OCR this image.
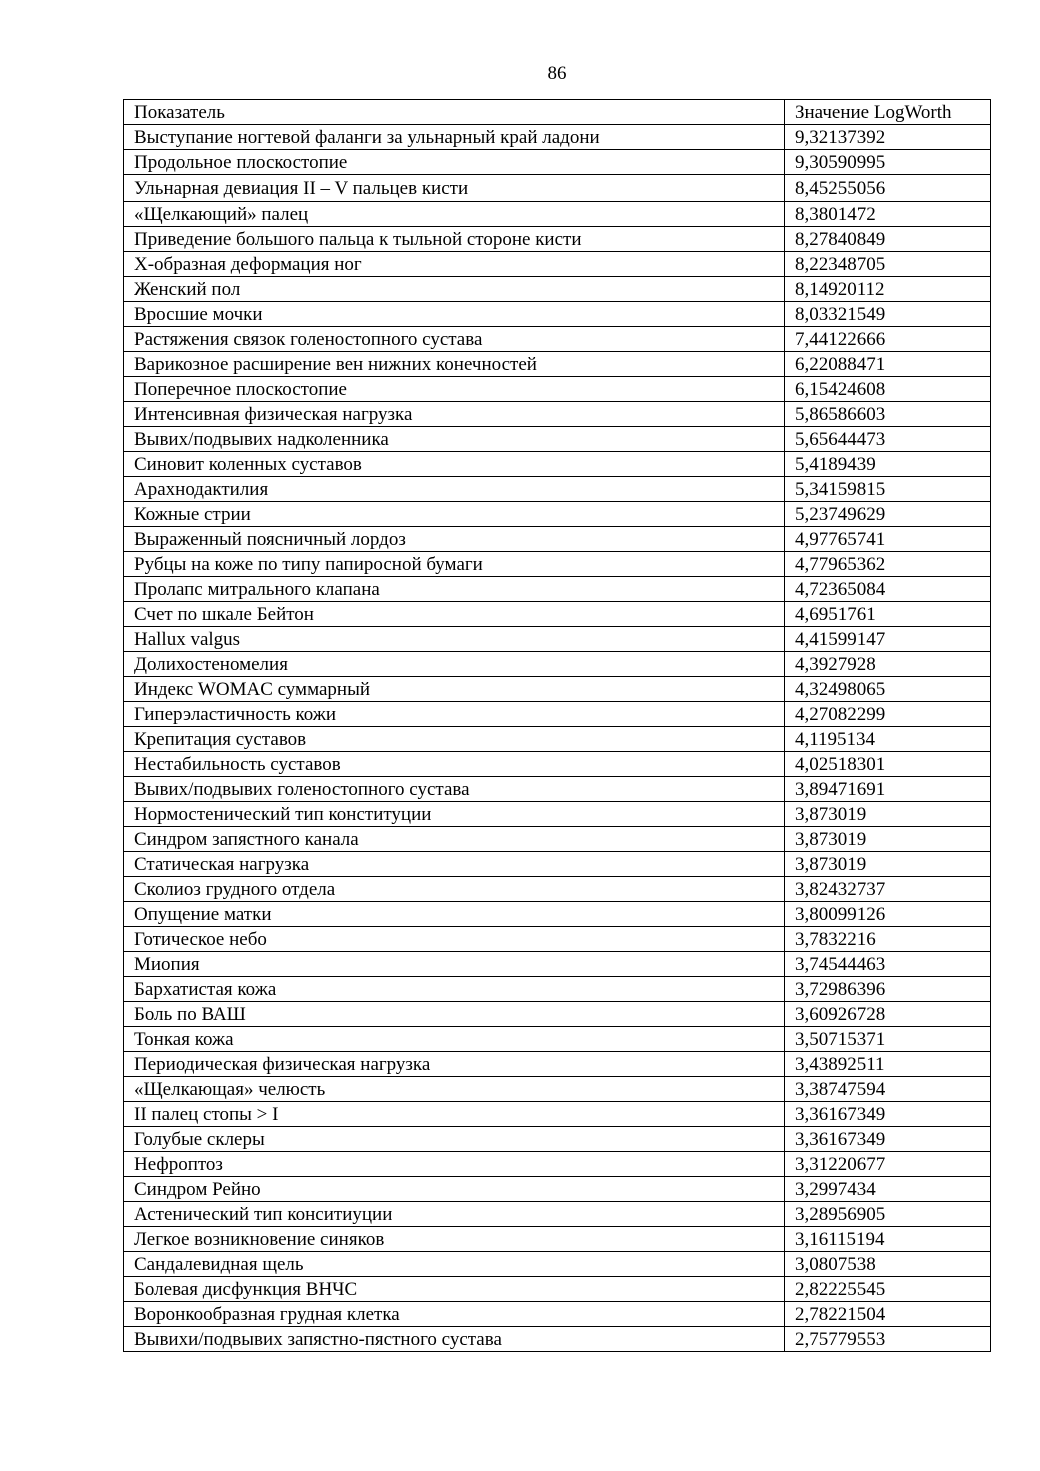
86
Показатель	Значение LogWorth
Выступание ногтевой фаланги за ульнарный край ладони	9,32137392
Продольное плоскостопие	9,30590995
Ульнарная девиация II – V пальцев кисти	8,45255056
«Щелкающий» палец	8,3801472
Приведение большого пальца к тыльной стороне кисти	8,27840849
Х-образная деформация ног	8,22348705
Женский пол	8,14920112
Вросшие мочки	8,03321549
Растяжения связок голеностопного сустава	7,44122666
Варикозное расширение вен нижних конечностей	6,22088471
Поперечное плоскостопие	6,15424608
Интенсивная физическая нагрузка	5,86586603
Вывих/подвывих надколенника	5,65644473
Синовит коленных суставов	5,4189439
Арахнодактилия	5,34159815
Кожные стрии	5,23749629
Выраженный поясничный лордоз	4,97765741
Рубцы на коже по типу папиросной бумаги	4,77965362
Пролапс митрального клапана	4,72365084
Счет по шкале Бейтон	4,6951761
Hallux valgus	4,41599147
Долихостеномелия	4,3927928
Индекс WOMAC суммарный	4,32498065
Гиперэластичность кожи	4,27082299
Крепитация суставов	4,1195134
Нестабильность суставов	4,02518301
Вывих/подвывих голеностопного сустава	3,89471691
Нормостенический тип конституции	3,873019
Синдром запястного канала	3,873019
Статическая нагрузка	3,873019
Сколиоз грудного отдела	3,82432737
Опущение матки	3,80099126
Готическое небо	3,7832216
Миопия	3,74544463
Бархатистая кожа	3,72986396
Боль по ВАШ	3,60926728
Тонкая кожа	3,50715371
Периодическая физическая нагрузка	3,43892511
«Щелкающая» челюсть	3,38747594
II палец стопы > I	3,36167349
Голубые склеры	3,36167349
Нефроптоз	3,31220677
Синдром Рейно	3,2997434
Астенический тип конситиуции	3,28956905
Легкое возникновение синяков	3,16115194
Сандалевидная щель	3,0807538
Болевая дисфункция ВНЧС	2,82225545
Воронкообразная грудная клетка	2,78221504
Вывихи/подвывих запястно-пястного сустава	2,75779553
